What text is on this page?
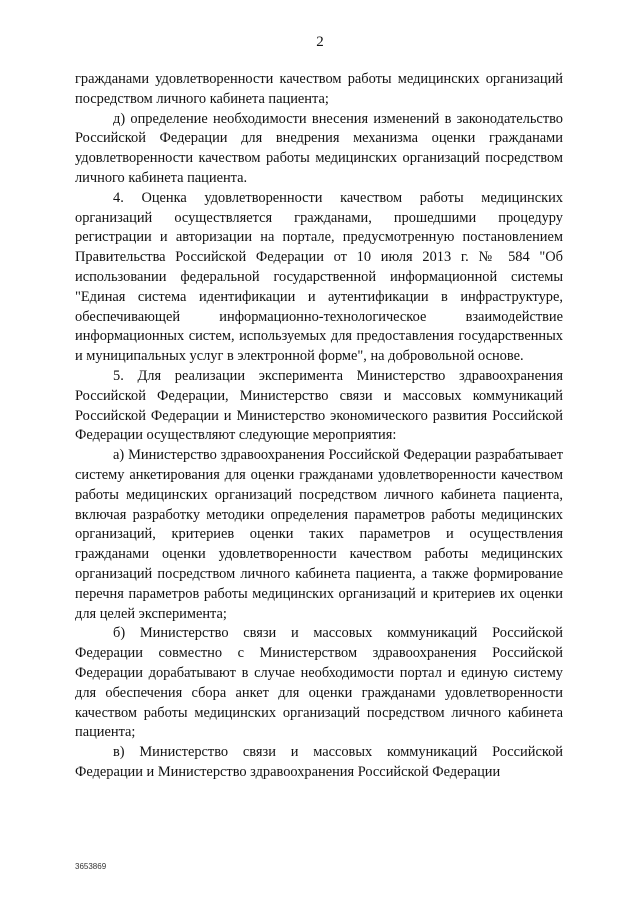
2

гражданами удовлетворенности качеством работы медицинских организаций посредством личного кабинета пациента;

д) определение необходимости внесения изменений в законодательство Российской Федерации для внедрения механизма оценки гражданами удовлетворенности качеством работы медицинских организаций посредством личного кабинета пациента.

4. Оценка удовлетворенности качеством работы медицинских организаций осуществляется гражданами, прошедшими процедуру регистрации и авторизации на портале, предусмотренную постановлением Правительства Российской Федерации от 10 июля 2013 г. № 584 "Об использовании федеральной государственной информационной системы "Единая система идентификации и аутентификации в инфраструктуре, обеспечивающей информационно-технологическое взаимодействие информационных систем, используемых для предоставления государственных и муниципальных услуг в электронной форме", на добровольной основе.

5. Для реализации эксперимента Министерство здравоохранения Российской Федерации, Министерство связи и массовых коммуникаций Российской Федерации и Министерство экономического развития Российской Федерации осуществляют следующие мероприятия:

а) Министерство здравоохранения Российской Федерации разрабатывает систему анкетирования для оценки гражданами удовлетворенности качеством работы медицинских организаций посредством личного кабинета пациента, включая разработку методики определения параметров работы медицинских организаций, критериев оценки таких параметров и осуществления гражданами оценки удовлетворенности качеством работы медицинских организаций посредством личного кабинета пациента, а также формирование перечня параметров работы медицинских организаций и критериев их оценки для целей эксперимента;

б) Министерство связи и массовых коммуникаций Российской Федерации совместно с Министерством здравоохранения Российской Федерации дорабатывают в случае необходимости портал и единую систему для обеспечения сбора анкет для оценки гражданами удовлетворенности качеством работы медицинских организаций посредством личного кабинета пациента;

в) Министерство связи и массовых коммуникаций Российской Федерации и Министерство здравоохранения Российской Федерации

3653869
